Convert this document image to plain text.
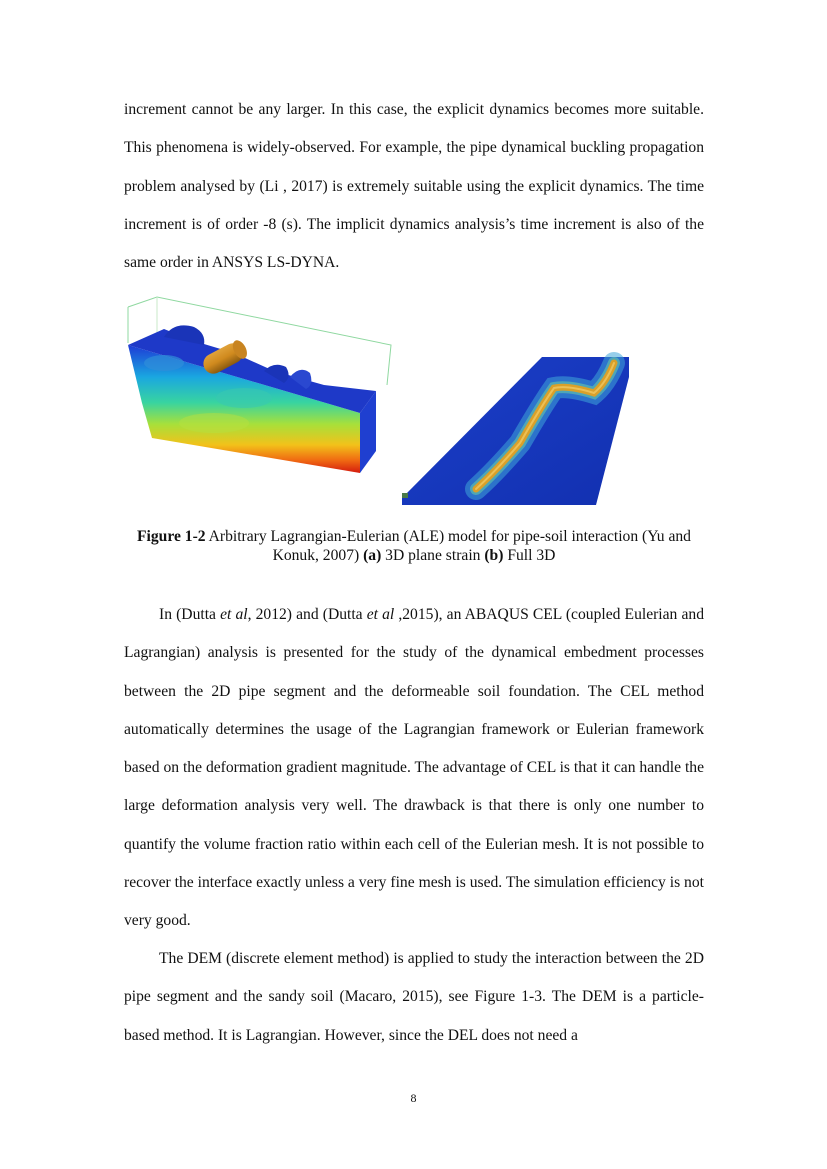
increment cannot be any larger. In this case, the explicit dynamics becomes more suitable. This phenomena is widely-observed. For example, the pipe dynamical buckling propagation problem analysed by (Li , 2017) is extremely suitable using the explicit dynamics. The time increment is of order -8 (s). The implicit dynamics analysis’s time increment is also of the same order in ANSYS LS-DYNA.

Figure 1-2 Arbitrary Lagrangian-Eulerian (ALE) model for pipe-soil interaction (Yu and Konuk, 2007) (a) 3D plane strain (b) Full 3D

In (Dutta et al, 2012) and (Dutta et al ,2015), an ABAQUS CEL (coupled Eulerian and Lagrangian) analysis is presented for the study of the dynamical embedment processes between the 2D pipe segment and the deformeable soil foundation. The CEL method automatically determines the usage of the Lagrangian framework or Eulerian framework based on the deformation gradient magnitude. The advantage of CEL is that it can handle the large deformation analysis very well. The drawback is that there is only one number to quantify the volume fraction ratio within each cell of the Eulerian mesh. It is not possible to recover the interface exactly unless a very fine mesh is used. The simulation efficiency is not very good.

The DEM (discrete element method) is applied to study the interaction between the 2D pipe segment and the sandy soil (Macaro, 2015), see Figure 1-3. The DEM is a particle-based method. It is Lagrangian. However, since the DEL does not need a

8
